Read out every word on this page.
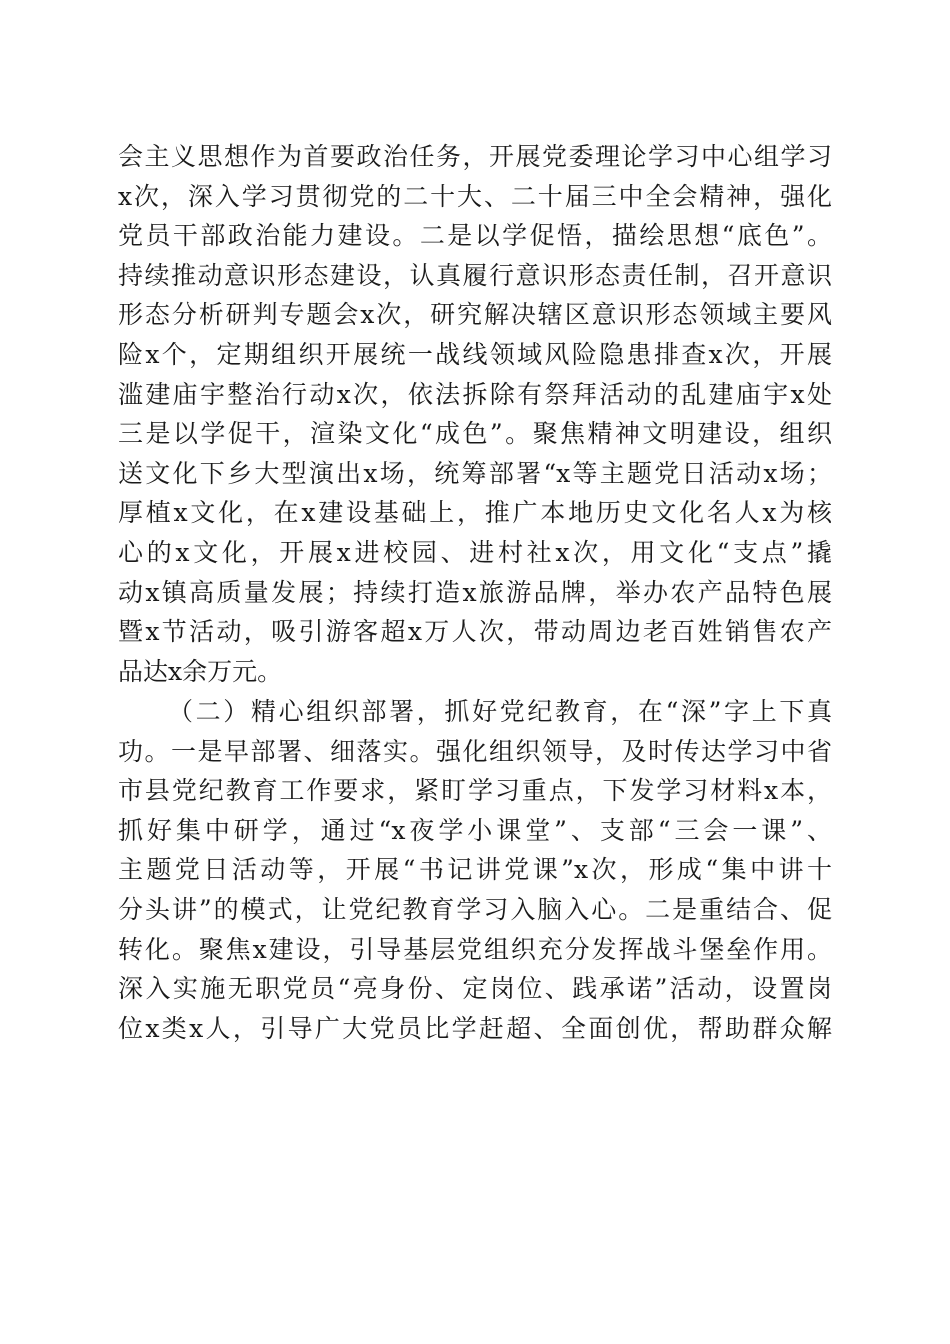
会主义思想作为首要政治任务，开展党委理论学习中心组学习
x次，深入学习贯彻党的二十大、二十届三中全会精神，强化
党员干部政治能力建设。二是以学促悟，描绘思想“底色”。
持续推动意识形态建设，认真履行意识形态责任制，召开意识
形态分析研判专题会x次，研究解决辖区意识形态领域主要风
险x个，定期组织开展统一战线领域风险隐患排查x次，开展
滥建庙宇整治行动x次，依法拆除有祭拜活动的乱建庙宇x处
三是以学促干，渲染文化“成色”。聚焦精神文明建设，组织
送文化下乡大型演出x场，统筹部署“x等主题党日活动x场；
厚植x文化，在x建设基础上，推广本地历史文化名人x为核
心的x文化，开展x进校园、进村社x次，用文化“支点”撬
动x镇高质量发展；持续打造x旅游品牌，举办农产品特色展
暨x节活动，吸引游客超x万人次，带动周边老百姓销售农产
品达x余万元。
（二）精心组织部署，抓好党纪教育，在“深”字上下真
功。一是早部署、细落实。强化组织领导，及时传达学习中省
市县党纪教育工作要求，紧盯学习重点，下发学习材料x本，
抓好集中研学，通过“x夜学小课堂”、支部“三会一课”、
主题党日活动等，开展“书记讲党课”x次，形成“集中讲十
分头讲”的模式，让党纪教育学习入脑入心。二是重结合、促
转化。聚焦x建设，引导基层党组织充分发挥战斗堡垒作用。
深入实施无职党员“亮身份、定岗位、践承诺”活动，设置岗
位x类x人，引导广大党员比学赶超、全面创优，帮助群众解
